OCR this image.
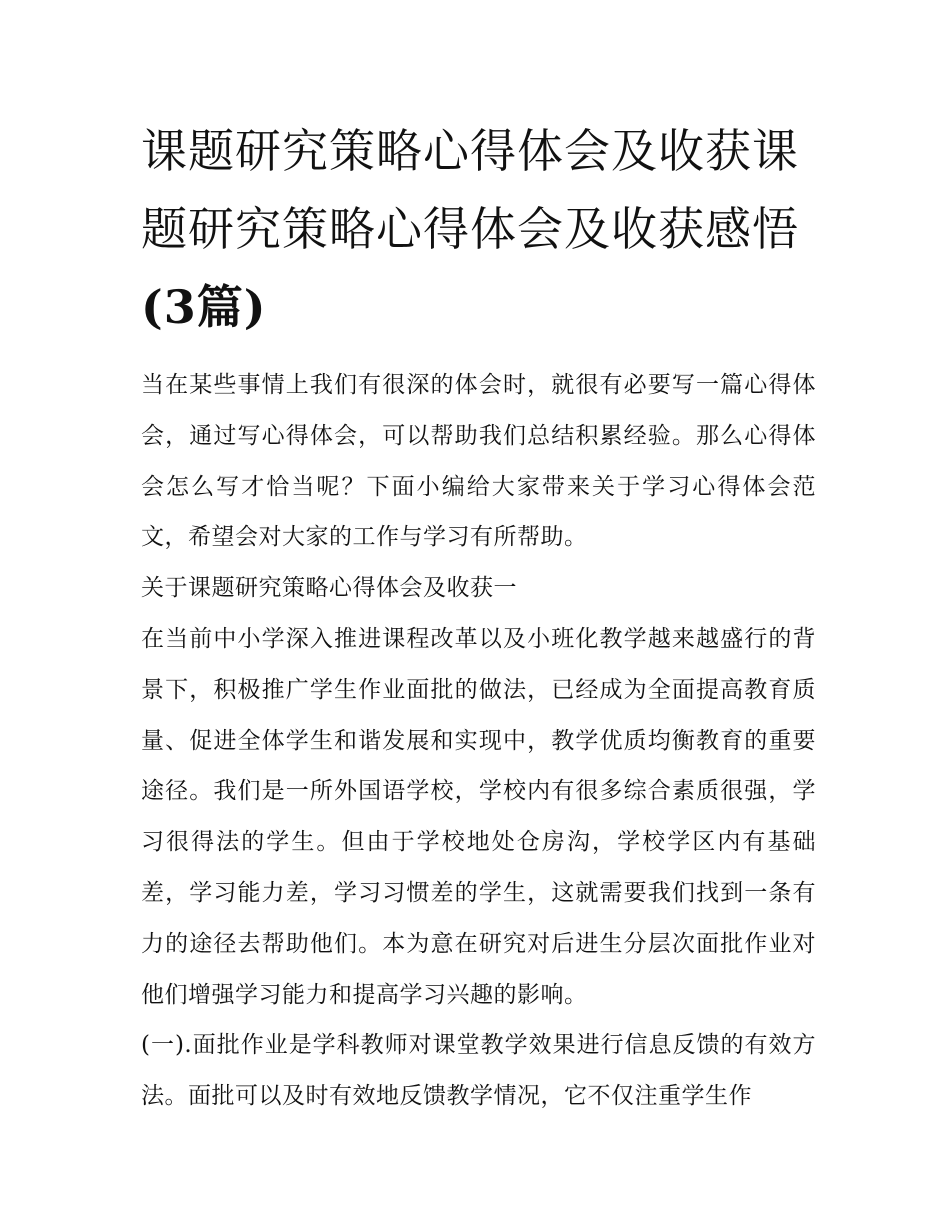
课题研究策略心得体会及收获课题研究策略心得体会及收获感悟(3篇)

当在某些事情上我们有很深的体会时，就很有必要写一篇心得体会，通过写心得体会，可以帮助我们总结积累经验。那么心得体会怎么写才恰当呢？下面小编给大家带来关于学习心得体会范文，希望会对大家的工作与学习有所帮助。

关于课题研究策略心得体会及收获一

在当前中小学深入推进课程改革以及小班化教学越来越盛行的背景下，积极推广学生作业面批的做法，已经成为全面提高教育质量、促进全体学生和谐发展和实现中，教学优质均衡教育的重要途径。我们是一所外国语学校，学校内有很多综合素质很强，学习很得法的学生。但由于学校地处仓房沟，学校学区内有基础差，学习能力差，学习习惯差的学生，这就需要我们找到一条有力的途径去帮助他们。本为意在研究对后进生分层次面批作业对他们增强学习能力和提高学习兴趣的影响。

(一).面批作业是学科教师对课堂教学效果进行信息反馈的有效方法。面批可以及时有效地反馈教学情况，它不仅注重学生作
